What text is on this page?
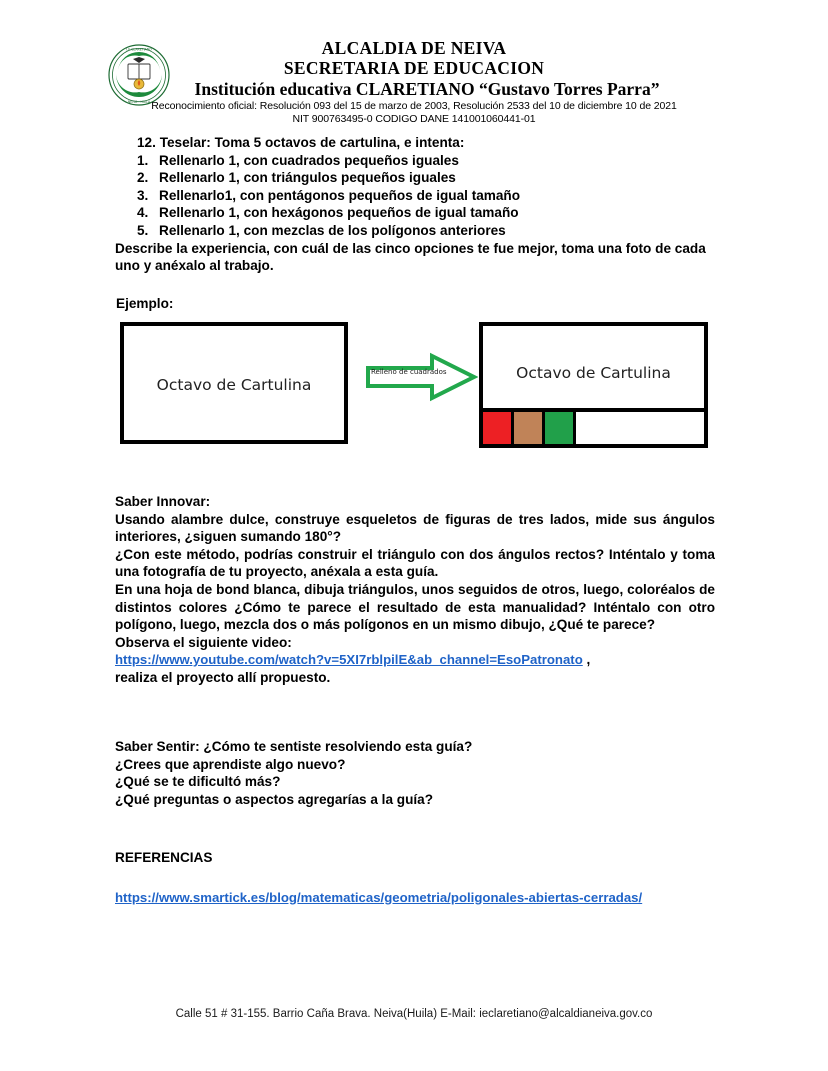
I.E CLARETIANO
NEIVA - HUILA
ALCALDIA DE NEIVA
SECRETARIA DE EDUCACION
Institución educativa CLARETIANO “Gustavo Torres Parra”
Reconocimiento oficial: Resolución 093 del 15 de marzo de 2003, Resolución 2533 del 10 de diciembre 10 de 2021
NIT 900763495-0 CODIGO DANE 141001060441-01
12. Teselar: Toma 5 octavos de cartulina, e intenta:
1. Rellenarlo 1, con cuadrados pequeños iguales
2. Rellenarlo 1, con triángulos pequeños iguales
3. Rellenarlo1, con pentágonos pequeños de igual tamaño
4. Rellenarlo 1, con hexágonos pequeños de igual tamaño
5. Rellenarlo 1, con mezclas de los polígonos anteriores
Describe la experiencia, con cuál de las cinco opciones te fue mejor, toma una foto de cada uno y anéxalo al trabajo.
Ejemplo:
Octavo de Cartulina
Relleno de cuadrados	Octavo de Cartulina
Saber Innovar:
Usando alambre dulce, construye esqueletos de figuras de tres lados, mide sus ángulos interiores, ¿siguen sumando 180°?
¿Con este método, podrías construir el triángulo con dos ángulos rectos? Inténtalo y toma una fotografía de tu proyecto, anéxala a esta guía.
En una hoja de bond blanca, dibuja triángulos, unos seguidos de otros, luego, coloréalos de distintos colores ¿Cómo te parece el resultado de esta manualidad? Inténtalo con otro polígono, luego, mezcla dos o más polígonos en un mismo dibujo, ¿Qué te parece?
Observa el siguiente video:
https://www.youtube.com/watch?v=5XI7rblpilE&ab_channel=EsoPatronato ,
realiza el proyecto allí propuesto.
Saber Sentir: ¿Cómo te sentiste resolviendo esta guía?
¿Crees que aprendiste algo nuevo?
¿Qué se te dificultó más?
¿Qué preguntas o aspectos agregarías a la guía?
REFERENCIAS
https://www.smartick.es/blog/matematicas/geometria/poligonales-abiertas-cerradas/
Calle 51 # 31-155. Barrio Caña Brava. Neiva(Huila) E-Mail: ieclaretiano@alcaldianeiva.gov.co
